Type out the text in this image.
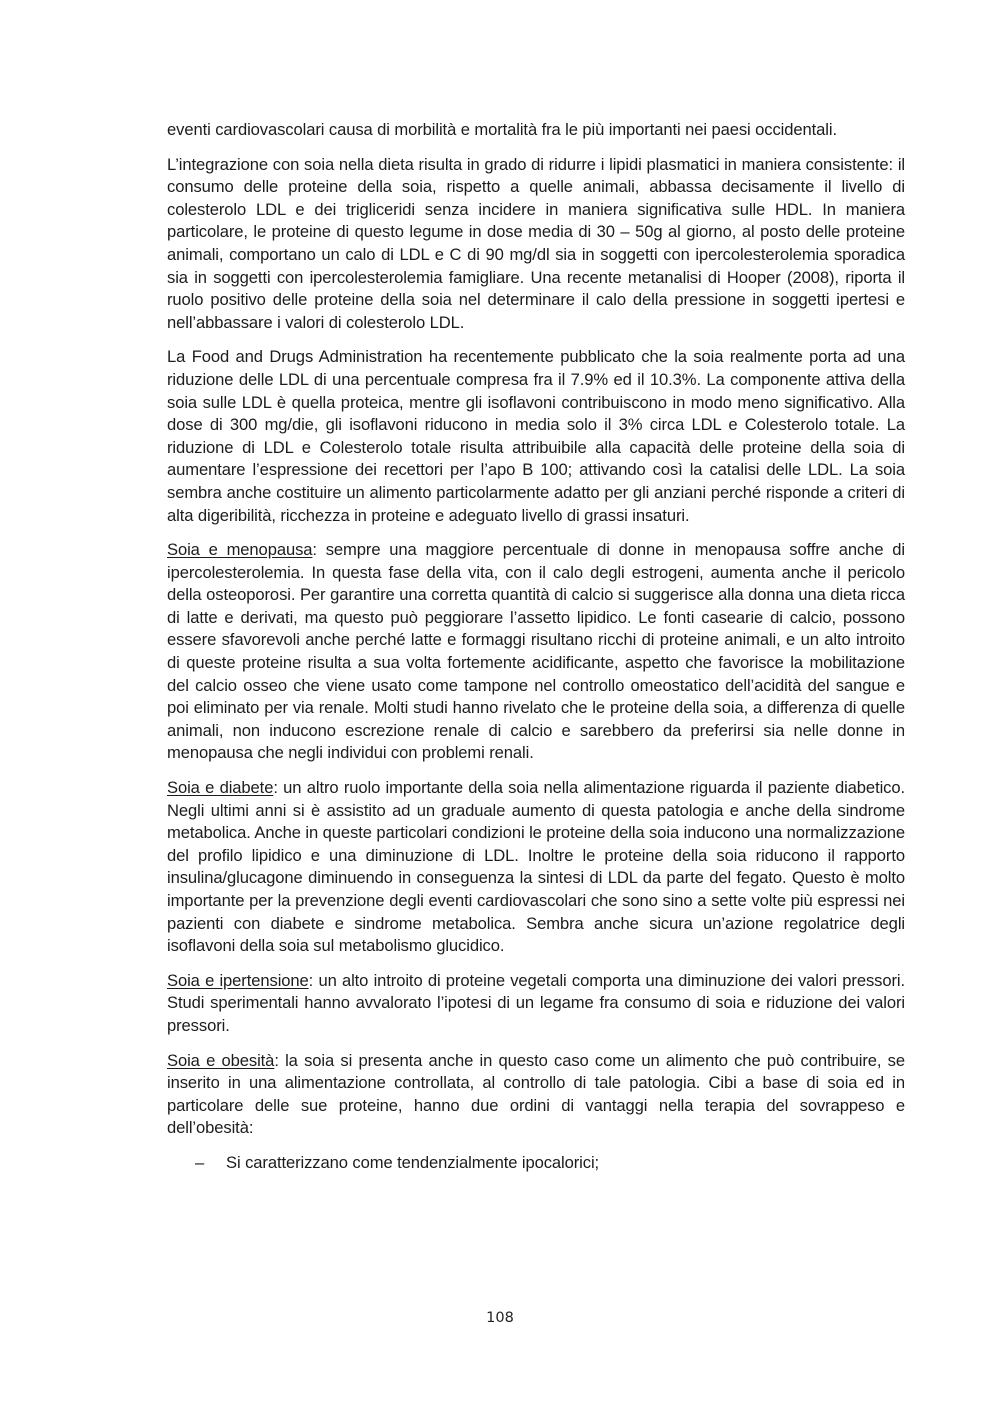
eventi cardiovascolari causa di morbilità e mortalità fra le più importanti nei paesi occidentali.

L’integrazione con soia nella dieta risulta in grado di ridurre i lipidi plasmatici in maniera consistente: il consumo delle proteine della soia, rispetto a quelle animali, abbassa decisamente il livello di colesterolo LDL e dei trigliceridi senza incidere in maniera significativa sulle HDL. In maniera particolare, le proteine di questo legume in dose media di 30 – 50g al giorno, al posto delle proteine animali, comportano un calo di LDL e C di 90 mg/dl sia in soggetti con ipercolesterolemia sporadica sia in soggetti con ipercolesterolemia famigliare. Una recente metanalisi di Hooper (2008), riporta il ruolo positivo delle proteine della soia nel determinare il calo della pressione in soggetti ipertesi e nell’abbassare i valori di colesterolo LDL.

La Food and Drugs Administration ha recentemente pubblicato che la soia realmente porta ad una riduzione delle LDL di una percentuale compresa fra il 7.9% ed il 10.3%. La componente attiva della soia sulle LDL è quella proteica, mentre gli isoflavoni contribuiscono in modo meno significativo. Alla dose di 300 mg/die, gli isoflavoni riducono in media solo il 3% circa LDL e Colesterolo totale. La riduzione di LDL e Colesterolo totale risulta attribuibile alla capacità delle proteine della soia di aumentare l’espressione dei recettori per l’apo B 100; attivando così la catalisi delle LDL. La soia sembra anche costituire un alimento particolarmente adatto per gli anziani perché risponde a criteri di alta digeribilità, ricchezza in proteine e adeguato livello di grassi insaturi.

Soia e menopausa: sempre una maggiore percentuale di donne in menopausa soffre anche di ipercolesterolemia. In questa fase della vita, con il calo degli estrogeni, aumenta anche il pericolo della osteoporosi. Per garantire una corretta quantità di calcio si suggerisce alla donna una dieta ricca di latte e derivati, ma questo può peggiorare l’assetto lipidico. Le fonti casearie di calcio, possono essere sfavorevoli anche perché latte e formaggi risultano ricchi di proteine animali, e un alto introito di queste proteine risulta a sua volta fortemente acidificante, aspetto che favorisce la mobilitazione del calcio osseo che viene usato come tampone nel controllo omeostatico dell’acidità del sangue e poi eliminato per via renale. Molti studi hanno rivelato che le proteine della soia, a differenza di quelle animali, non inducono escrezione renale di calcio e sarebbero da preferirsi sia nelle donne in menopausa che negli individui con problemi renali.

Soia e diabete: un altro ruolo importante della soia nella alimentazione riguarda il paziente diabetico. Negli ultimi anni si è assistito ad un graduale aumento di questa patologia e anche della sindrome metabolica. Anche in queste particolari condizioni le proteine della soia inducono una normalizzazione del profilo lipidico e una diminuzione di LDL. Inoltre le proteine della soia riducono il rapporto insulina/glucagone diminuendo in conseguenza la sintesi di LDL da parte del fegato. Questo è molto importante per la prevenzione degli eventi cardiovascolari che sono sino a sette volte più espressi nei pazienti con diabete e sindrome metabolica. Sembra anche sicura un’azione regolatrice degli isoflavoni della soia sul metabolismo glucidico.

Soia e ipertensione: un alto introito di proteine vegetali comporta una diminuzione dei valori pressori. Studi sperimentali hanno avvalorato l’ipotesi di un legame fra consumo di soia e riduzione dei valori pressori.

Soia e obesità: la soia si presenta anche in questo caso come un alimento che può contribuire, se inserito in una alimentazione controllata, al controllo di tale patologia. Cibi a base di soia ed in particolare delle sue proteine, hanno due ordini di vantaggi nella terapia del sovrappeso e dell’obesità:

– Si caratterizzano come tendenzialmente ipocalorici;
108
